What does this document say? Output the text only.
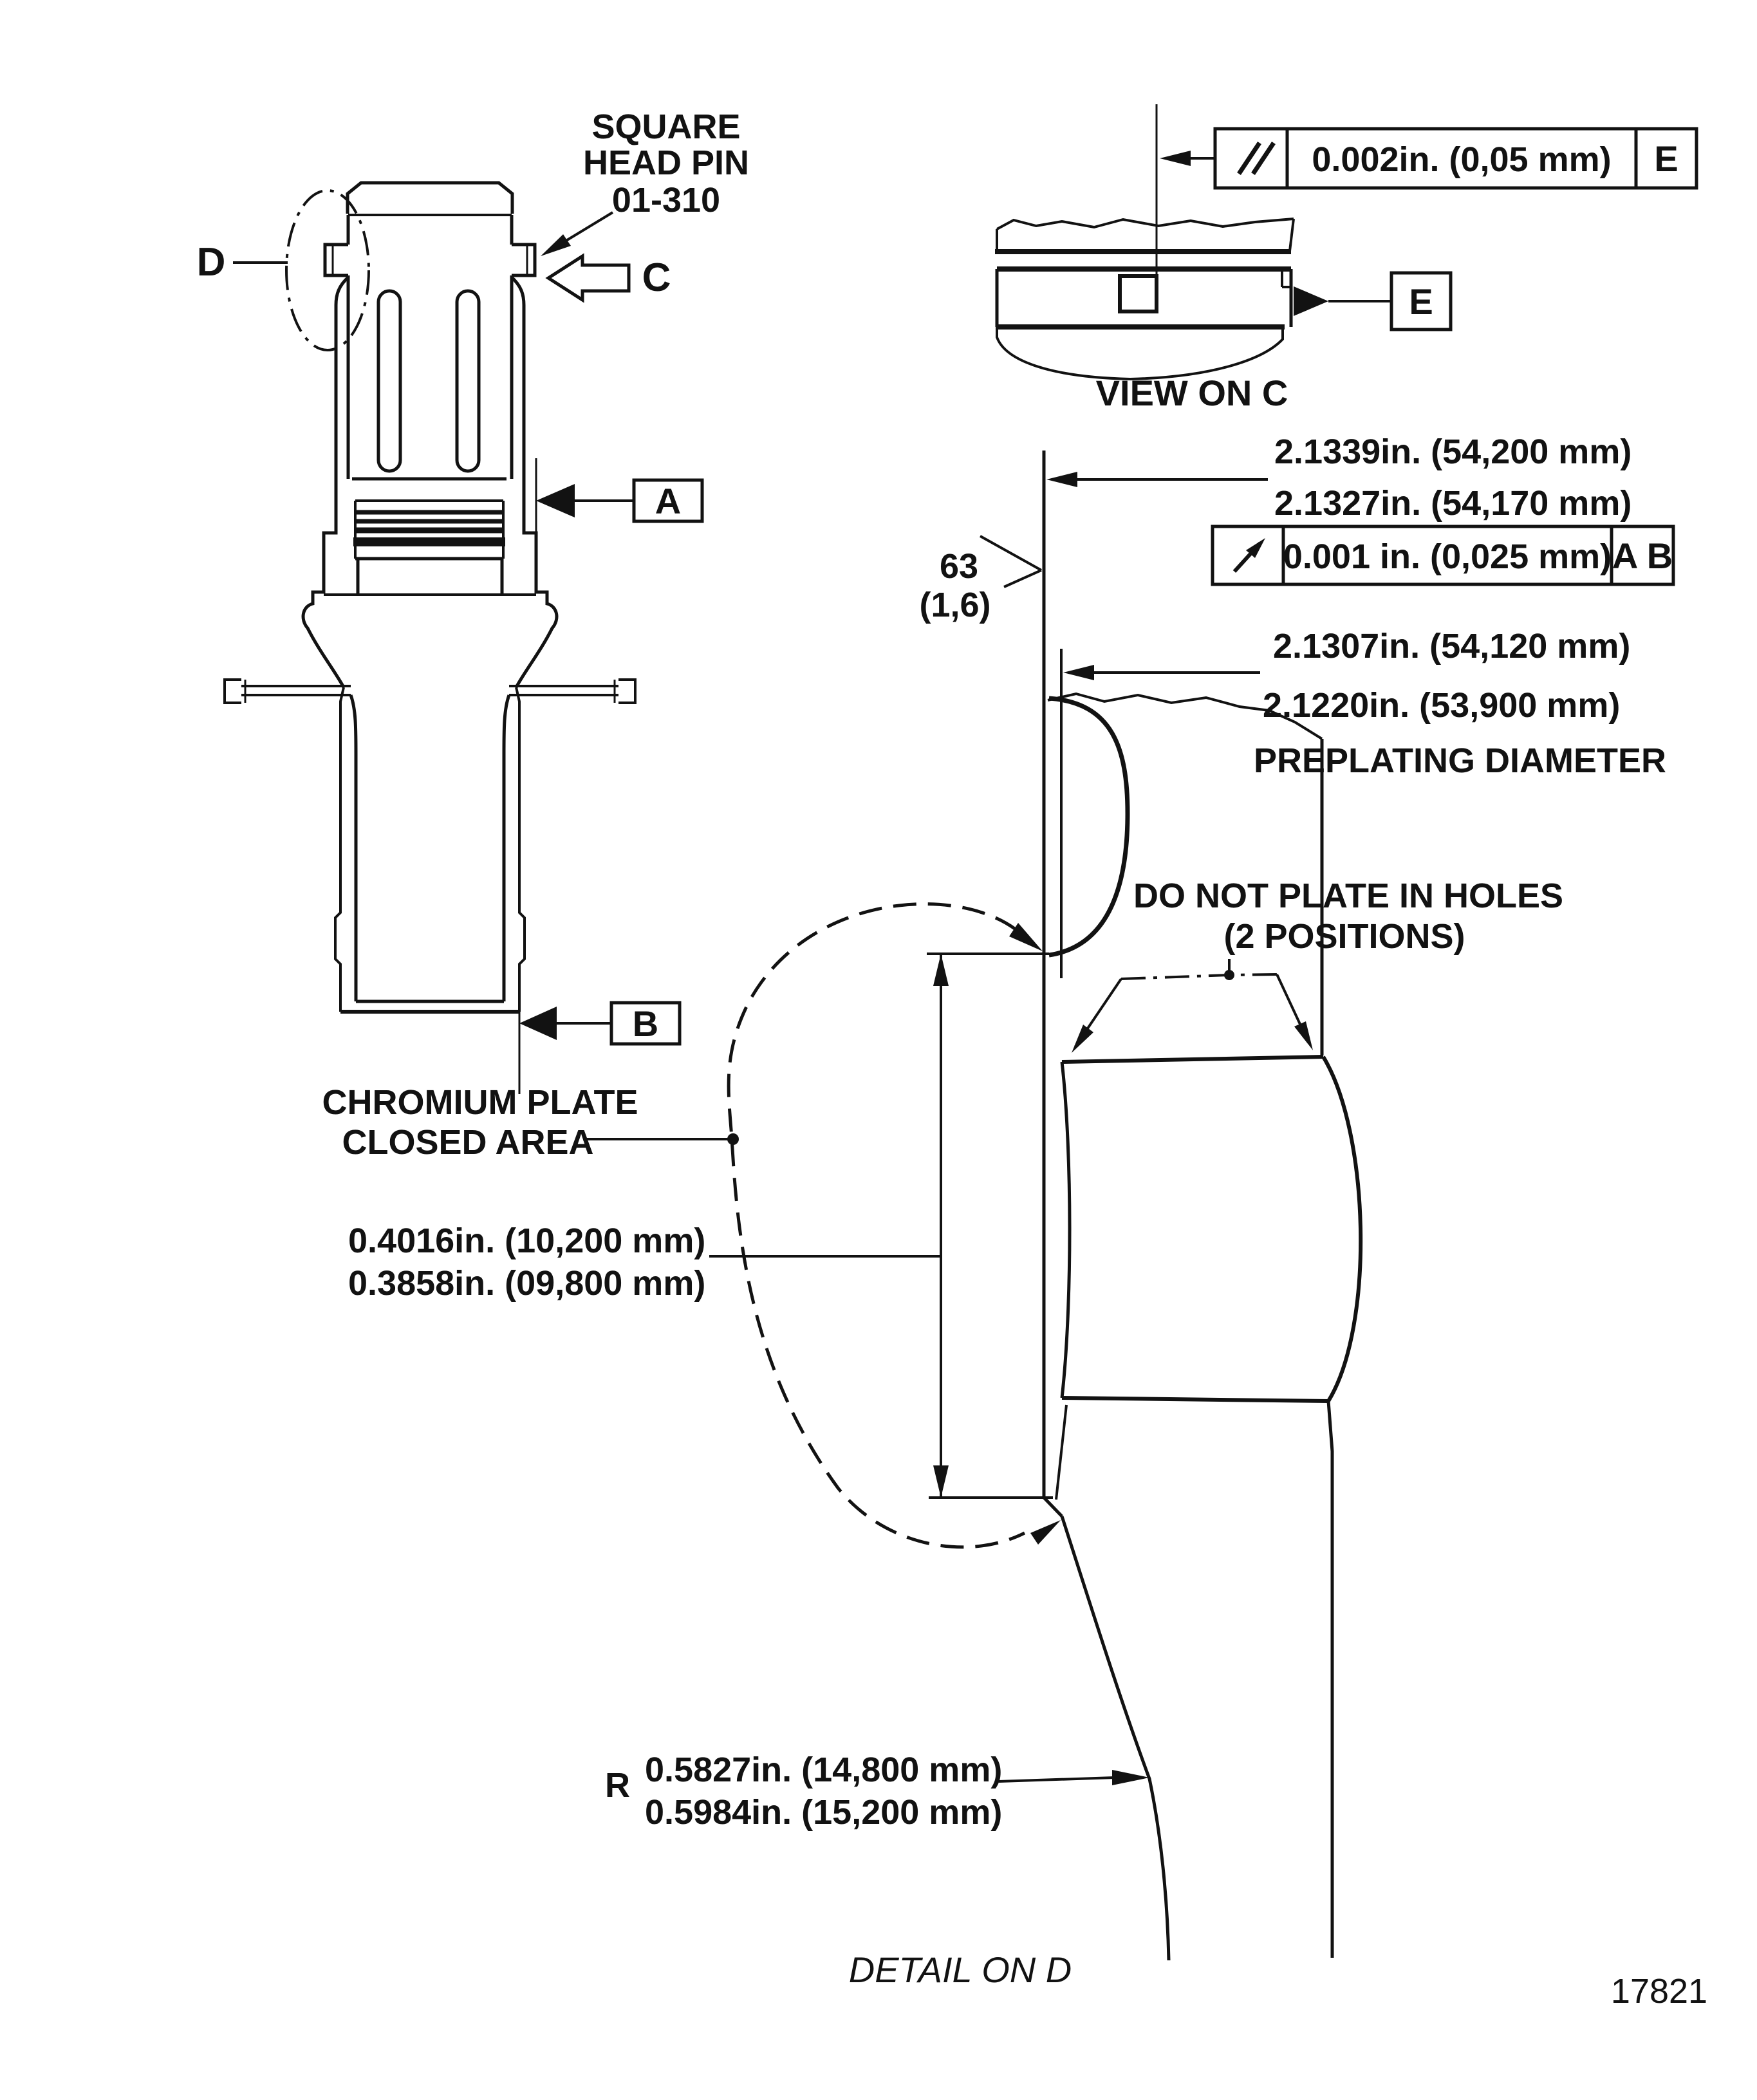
SQUARE
HEAD PIN
01-310
D	C
A
B
E
0.002in. (0,05 mm) E
0.001 in. (0,025 mm) A B
VIEW ON C
2.1339in. (54,200 mm)
2.1327in. (54,170 mm)
2.1307in. (54,120 mm)
2.1220in. (53,900 mm)
PREPLATING DIAMETER
63
(1,6)
DO NOT PLATE IN HOLES
(2 POSITIONS)
CHROMIUM PLATE
CLOSED AREA
0.4016in. (10,200 mm)
0.3858in. (09,800 mm)
R 0.5827in. (14,800 mm)
0.5984in. (15,200 mm)
DETAIL ON D
17821
